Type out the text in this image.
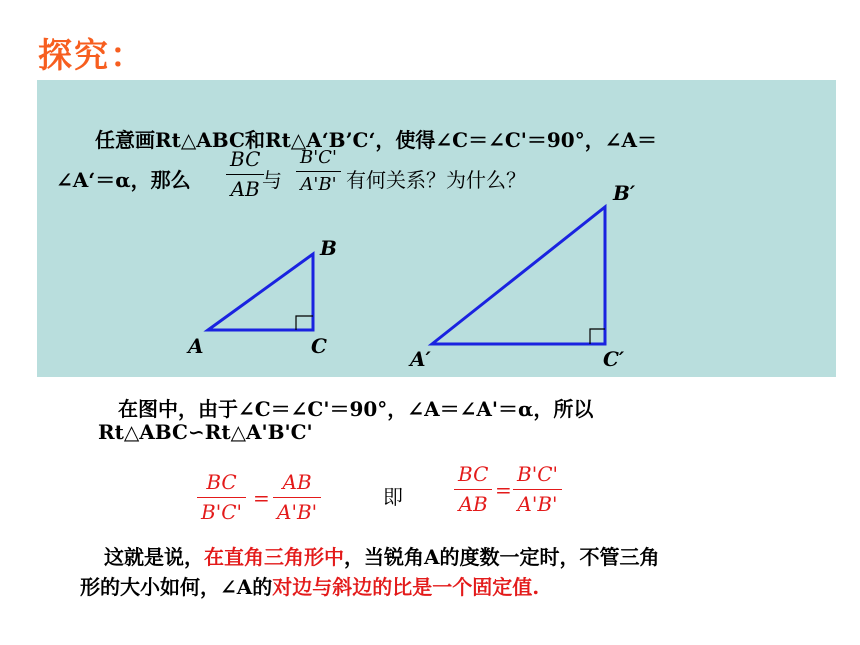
探究：
任意画Rt△ABC和Rt△A‘B’C‘，使得∠C＝∠C'＝90°，∠A＝
∠A‘＝α，那么
BC
AB 与
B'C'
A'B' 有何关系？为什么？
A
B
C
A′
B′
C′
在图中，由于∠C＝∠C'＝90°，∠A＝∠A'＝α，所以
Rt△ABC∽Rt△A'B'C'
BC
B'C'
=
AB
A'B'
即
BC
AB
=
B'C'
A'B'
这就是说，在直角三角形中，当锐角A的度数一定时，不管三角
形的大小如何，∠A的对边与斜边的比是一个固定值.
